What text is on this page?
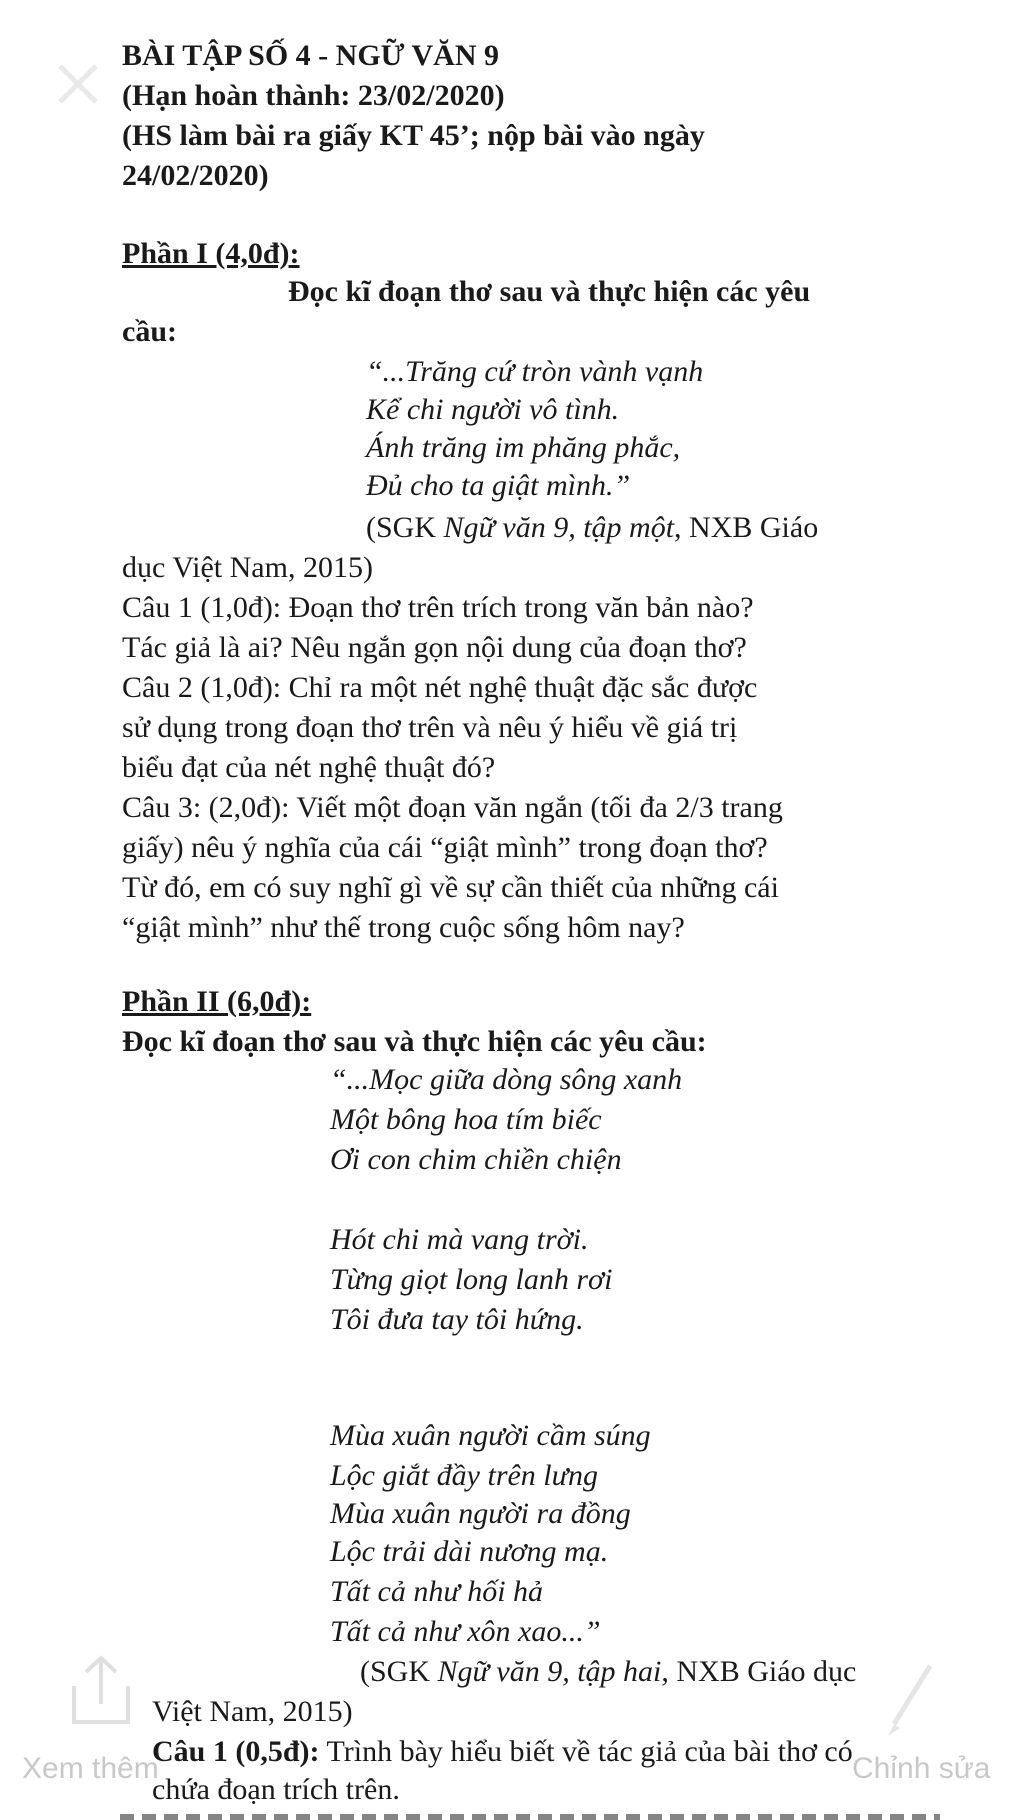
BÀI TẬP SỐ 4 - NGỮ VĂN 9
(Hạn hoàn thành: 23/02/2020)
(HS làm bài ra giấy KT 45’; nộp bài vào ngày
24/02/2020)
Phần I (4,0đ):
Đọc kĩ đoạn thơ sau và thực hiện các yêu
cầu:
“...Trăng cứ tròn vành vạnh
Kể chi người vô tình.
Ánh trăng im phăng phắc,
Đủ cho ta giật mình.”
(SGK Ngữ văn 9, tập một, NXB Giáo
dục Việt Nam, 2015)
Câu 1 (1,0đ): Đoạn thơ trên trích trong văn bản nào?
Tác giả là ai? Nêu ngắn gọn nội dung của đoạn thơ?
Câu 2 (1,0đ): Chỉ ra một nét nghệ thuật đặc sắc được
sử dụng trong đoạn thơ trên và nêu ý hiểu về giá trị
biểu đạt của nét nghệ thuật đó?
Câu 3: (2,0đ): Viết một đoạn văn ngắn (tối đa 2/3 trang
giấy) nêu ý nghĩa của cái “giật mình” trong đoạn thơ?
Từ đó, em có suy nghĩ gì về sự cần thiết của những cái
“giật mình” như thế trong cuộc sống hôm nay?
Phần II (6,0đ):
Đọc kĩ đoạn thơ sau và thực hiện các yêu cầu:
“...Mọc giữa dòng sông xanh
Một bông hoa tím biếc
Ơi con chim chiền chiện
Hót chi mà vang trời.
Từng giọt long lanh rơi
Tôi đưa tay tôi hứng.
Mùa xuân người cầm súng
Lộc giắt đầy trên lưng
Mùa xuân người ra đồng
Lộc trải dài nương mạ.
Tất cả như hối hả
Tất cả như xôn xao...”
(SGK Ngữ văn 9, tập hai, NXB Giáo dục
Việt Nam, 2015)
Câu 1 (0,5đ): Trình bày hiểu biết về tác giả của bài thơ có
chứa đoạn trích trên.
Xem thêm	Chỉnh sửa
